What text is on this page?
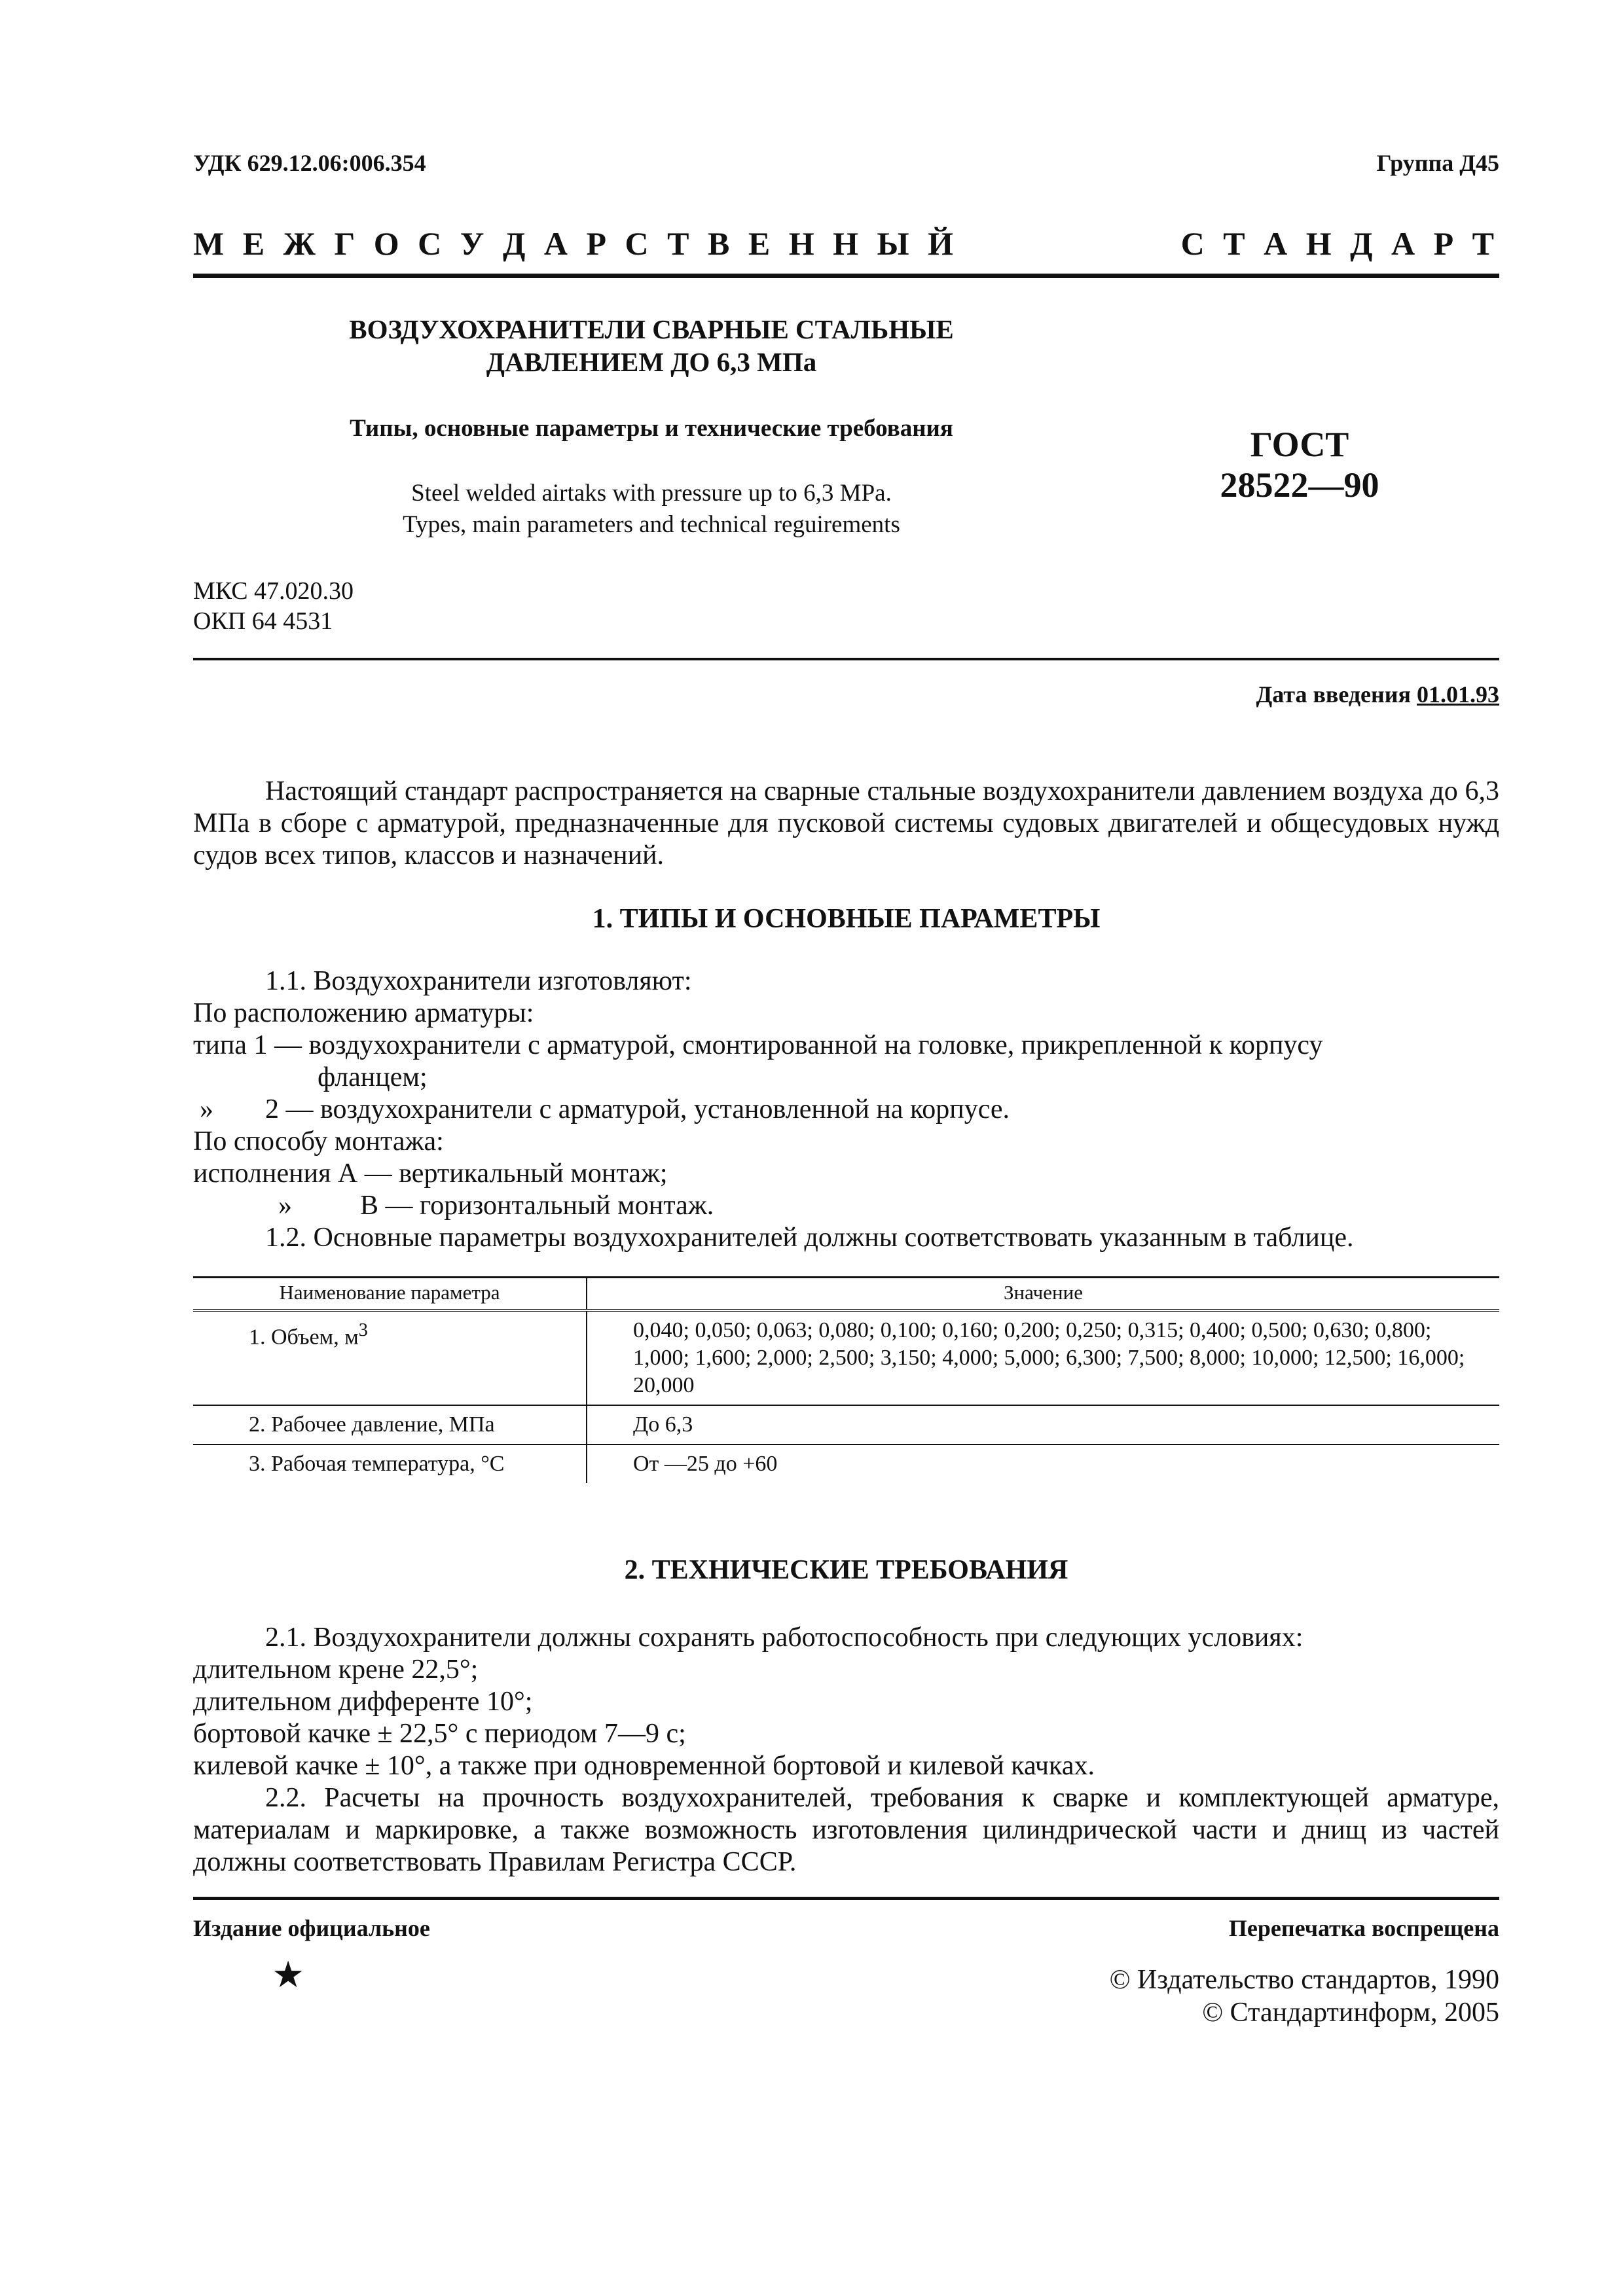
УДК 629.12.06:006.354	Группа Д45
М Е Ж Г О С У Д А Р С Т В Е Н Н Ы Й	С Т А Н Д А Р Т
ВОЗДУХОХРАНИТЕЛИ СВАРНЫЕ СТАЛЬНЫЕ
ДАВЛЕНИЕМ ДО 6,3 МПа
Типы, основные параметры и технические требования
Steel welded airtaks with pressure up to 6,3 MPa.
Types, main parameters and technical reguirements
ГОСТ
28522—90
МКС 47.020.30
ОКП 64 4531
Дата введения 01.01.93
Настоящий стандарт распространяется на сварные стальные воздухохранители давлением воздуха до 6,3 МПа в сборе с арматурой, предназначенные для пусковой системы судовых двигателей и общесудовых нужд судов всех типов, классов и назначений.
1. ТИПЫ И ОСНОВНЫЕ ПАРАМЕТРЫ
1.1. Воздухохранители изготовляют:
По расположению арматуры:
типа 1 — воздухохранители с арматурой, смонтированной на головке, прикрепленной к корпусу
фланцем;
» 2 — воздухохранители с арматурой, установленной на корпусе.
По способу монтажа:
исполнения А — вертикальный монтаж;
» В — горизонтальный монтаж.
1.2. Основные параметры воздухохранителей должны соответствовать указанным в таблице.
Наименование параметра	Значение
1. Объем, $м^3$	0,040; 0,050; 0,063; 0,080; 0,100; 0,160; 0,200; 0,250; 0,315; 0,400; 0,500; 0,630; 0,800; 1,000; 1,600; 2,000; 2,500; 3,150; 4,000; 5,000; 6,300; 7,500; 8,000; 10,000; 12,500; 16,000; 20,000
2. Рабочее давление, МПа	До 6,3
3. Рабочая температура, °С	От —25 до +60
2. ТЕХНИЧЕСКИЕ ТРЕБОВАНИЯ
2.1. Воздухохранители должны сохранять работоспособность при следующих условиях:
длительном крене 22,5°;
длительном дифференте 10°;
бортовой качке ± 22,5° с периодом 7—9 с;
килевой качке ± 10°, а также при одновременной бортовой и килевой качках.
2.2. Расчеты на прочность воздухохранителей, требования к сварке и комплектующей арматуре, материалам и маркировке, а также возможность изготовления цилиндрической части и днищ из частей должны соответствовать Правилам Регистра СССР.
Издание официальное	Перепечатка воспрещена
★	© Издательство стандартов, 1990
© Стандартинформ, 2005
